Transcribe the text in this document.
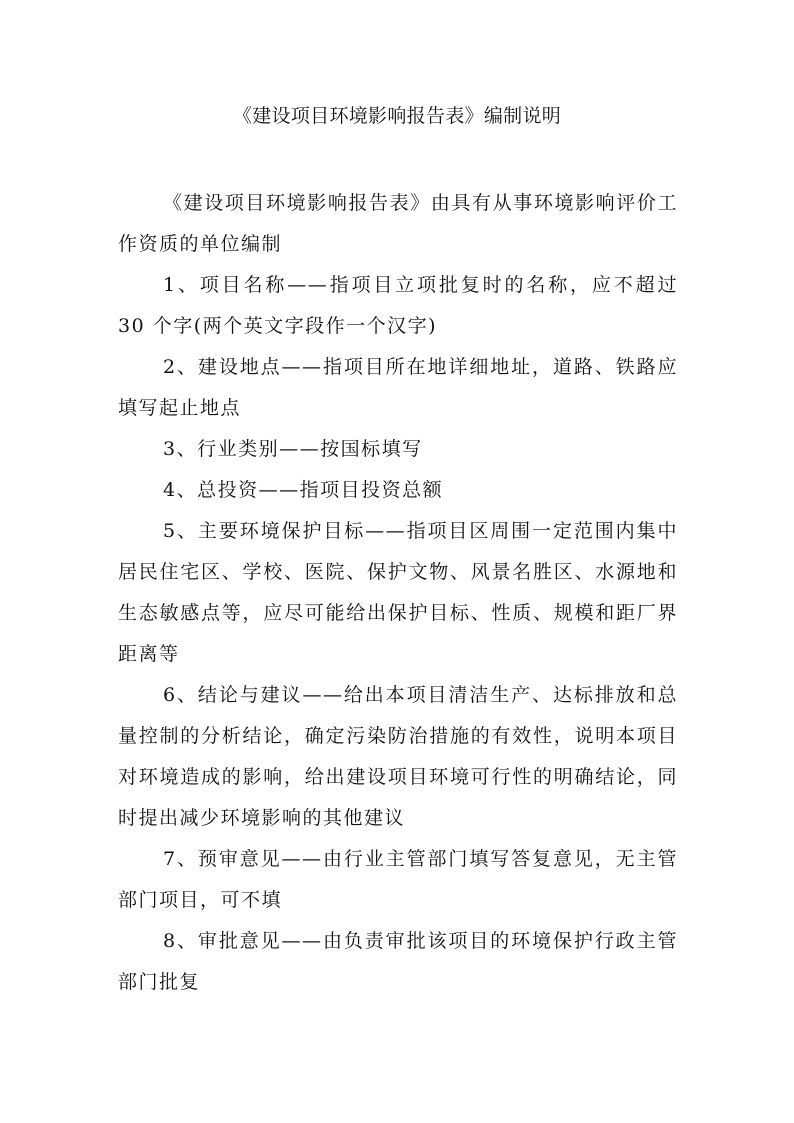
《建设项目环境影响报告表》编制说明

《建设项目环境影响报告表》由具有从事环境影响评价工作资质的单位编制

1、项目名称——指项目立项批复时的名称，应不超过 30 个字(两个英文字段作一个汉字)

2、建设地点——指项目所在地详细地址，道路、铁路应填写起止地点

3、行业类别——按国标填写

4、总投资——指项目投资总额

5、主要环境保护目标——指项目区周围一定范围内集中居民住宅区、学校、医院、保护文物、风景名胜区、水源地和生态敏感点等，应尽可能给出保护目标、性质、规模和距厂界距离等

6、结论与建议——给出本项目清洁生产、达标排放和总量控制的分析结论，确定污染防治措施的有效性，说明本项目对环境造成的影响，给出建设项目环境可行性的明确结论，同时提出减少环境影响的其他建议

7、预审意见——由行业主管部门填写答复意见，无主管部门项目，可不填

8、审批意见——由负责审批该项目的环境保护行政主管部门批复
